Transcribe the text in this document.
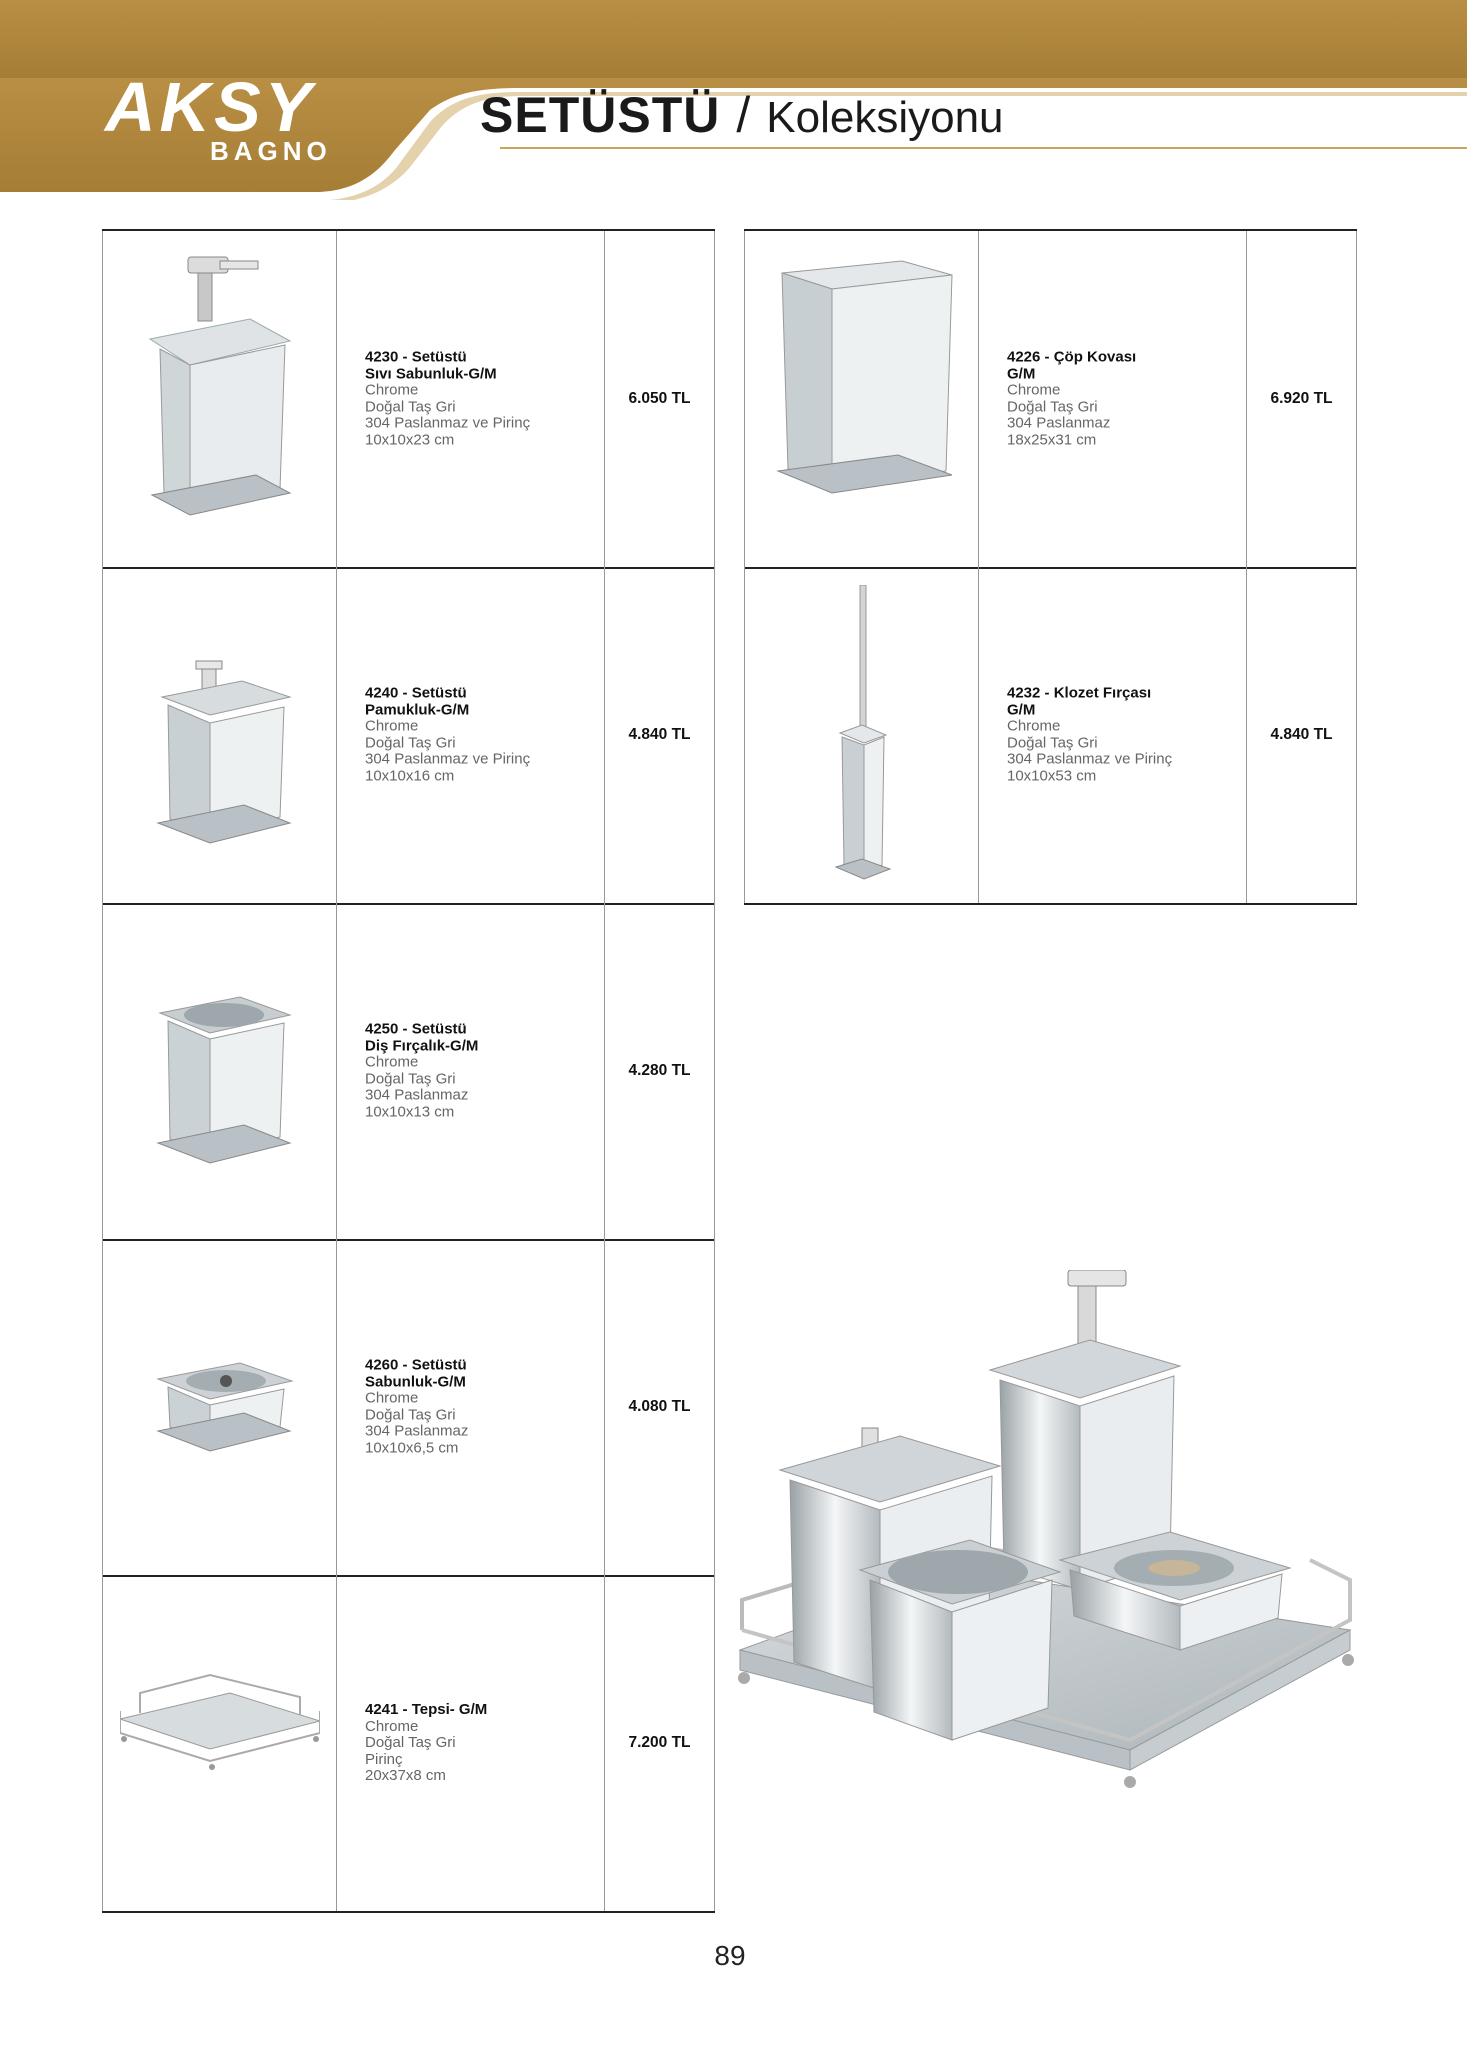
AKSY
BAGNO
SETÜSTÜ / Koleksiyonu
4230 - Setüstü
Sıvı Sabunluk-G/M
Chrome
Doğal Taş Gri
304 Paslanmaz ve Pirinç
10x10x23 cm
6.050 TL
4240 - Setüstü
Pamukluk-G/M
Chrome
Doğal Taş Gri
304 Paslanmaz ve Pirinç
10x10x16 cm
4.840 TL
4250 - Setüstü
Diş Fırçalık-G/M
Chrome
Doğal Taş Gri
304 Paslanmaz
10x10x13 cm
4.280 TL
4260 - Setüstü
Sabunluk-G/M
Chrome
Doğal Taş Gri
304 Paslanmaz
10x10x6,5 cm
4.080 TL
4241 - Tepsi- G/M
Chrome
Doğal Taş Gri
Pirinç
20x37x8 cm
7.200 TL
4226 - Çöp Kovası
G/M
Chrome
Doğal Taş Gri
304 Paslanmaz
18x25x31 cm
6.920 TL
4232 - Klozet Fırçası
G/M
Chrome
Doğal Taş Gri
304 Paslanmaz ve Pirinç
10x10x53 cm
4.840 TL
89
